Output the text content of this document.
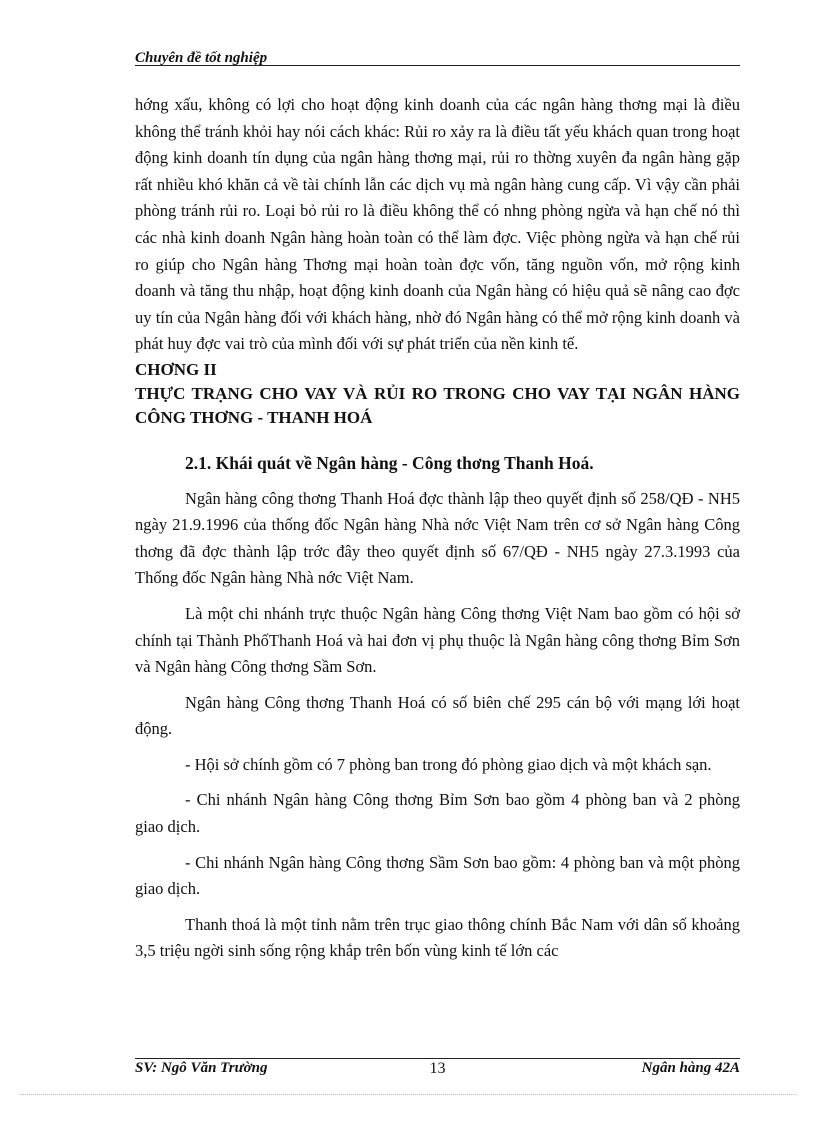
Chuyên đề tốt nghiệp

hớng xấu, không có lợi cho hoạt động kinh doanh của các ngân hàng thơng mại là điều không thể tránh khỏi hay nói cách khác: Rủi ro xảy ra là điều tất yếu khách quan trong hoạt động kinh doanh tín dụng của ngân hàng thơng mại, rủi ro thờng xuyên đa ngân hàng gặp rất nhiều khó khăn cả về tài chính lẫn các dịch vụ mà ngân hàng cung cấp. Vì vậy cần phải phòng tránh rủi ro. Loại bỏ rủi ro là điều không thể có nhng phòng ngừa và hạn chế nó thì các nhà kinh doanh Ngân hàng hoàn toàn có thể làm đợc. Việc phòng ngừa và hạn chế rủi ro giúp cho Ngân hàng Thơng mại hoàn toàn đợc vốn, tăng nguồn vốn, mở rộng kinh doanh và tăng thu nhập, hoạt động kinh doanh của Ngân hàng có hiệu quả sẽ nâng cao đợc uy tín của Ngân hàng đối với khách hàng, nhờ đó Ngân hàng có thể mở rộng kinh doanh và phát huy đợc vai trò của mình đối với sự phát triển của nền kinh tế.

CHƠNG II

THỰC TRẠNG CHO VAY VÀ RỦI RO TRONG CHO VAY TẠI NGÂN HÀNG CÔNG THƠNG - THANH HOÁ

2.1. Khái quát về Ngân hàng - Công thơng Thanh Hoá.

Ngân hàng công thơng Thanh Hoá đợc thành lập theo quyết định số 258/QĐ - NH5 ngày 21.9.1996 của thống đốc Ngân hàng Nhà nớc Việt Nam trên cơ sở Ngân hàng Công thơng đã đợc thành lập trớc đây theo quyết định số 67/QĐ - NH5 ngày 27.3.1993 của Thống đốc Ngân hàng Nhà nớc Việt Nam.

Là một chi nhánh trực thuộc Ngân hàng Công thơng Việt Nam bao gồm có hội sở chính tại Thành PhốThanh Hoá và hai đơn vị phụ thuộc là Ngân hàng công thơng Bỉm Sơn và Ngân hàng Công thơng Sầm Sơn.

Ngân hàng Công thơng Thanh Hoá có số biên chế 295 cán bộ với mạng lới hoạt động.

- Hội sở chính gồm có 7 phòng ban trong đó phòng giao dịch và một khách sạn.

- Chi nhánh Ngân hàng Công thơng Bỉm Sơn bao gồm 4 phòng ban và 2 phòng giao dịch.

- Chi nhánh Ngân hàng Công thơng Sầm Sơn bao gồm: 4 phòng ban và một phòng giao dịch.

Thanh thoá là một tỉnh nằm trên trục giao thông chính Bắc Nam với dân số khoảng 3,5 triệu ngời sinh sống rộng khắp trên bốn vùng kinh tế lớn các

SV: Ngô Văn Trường	13	Ngân hàng 42A
